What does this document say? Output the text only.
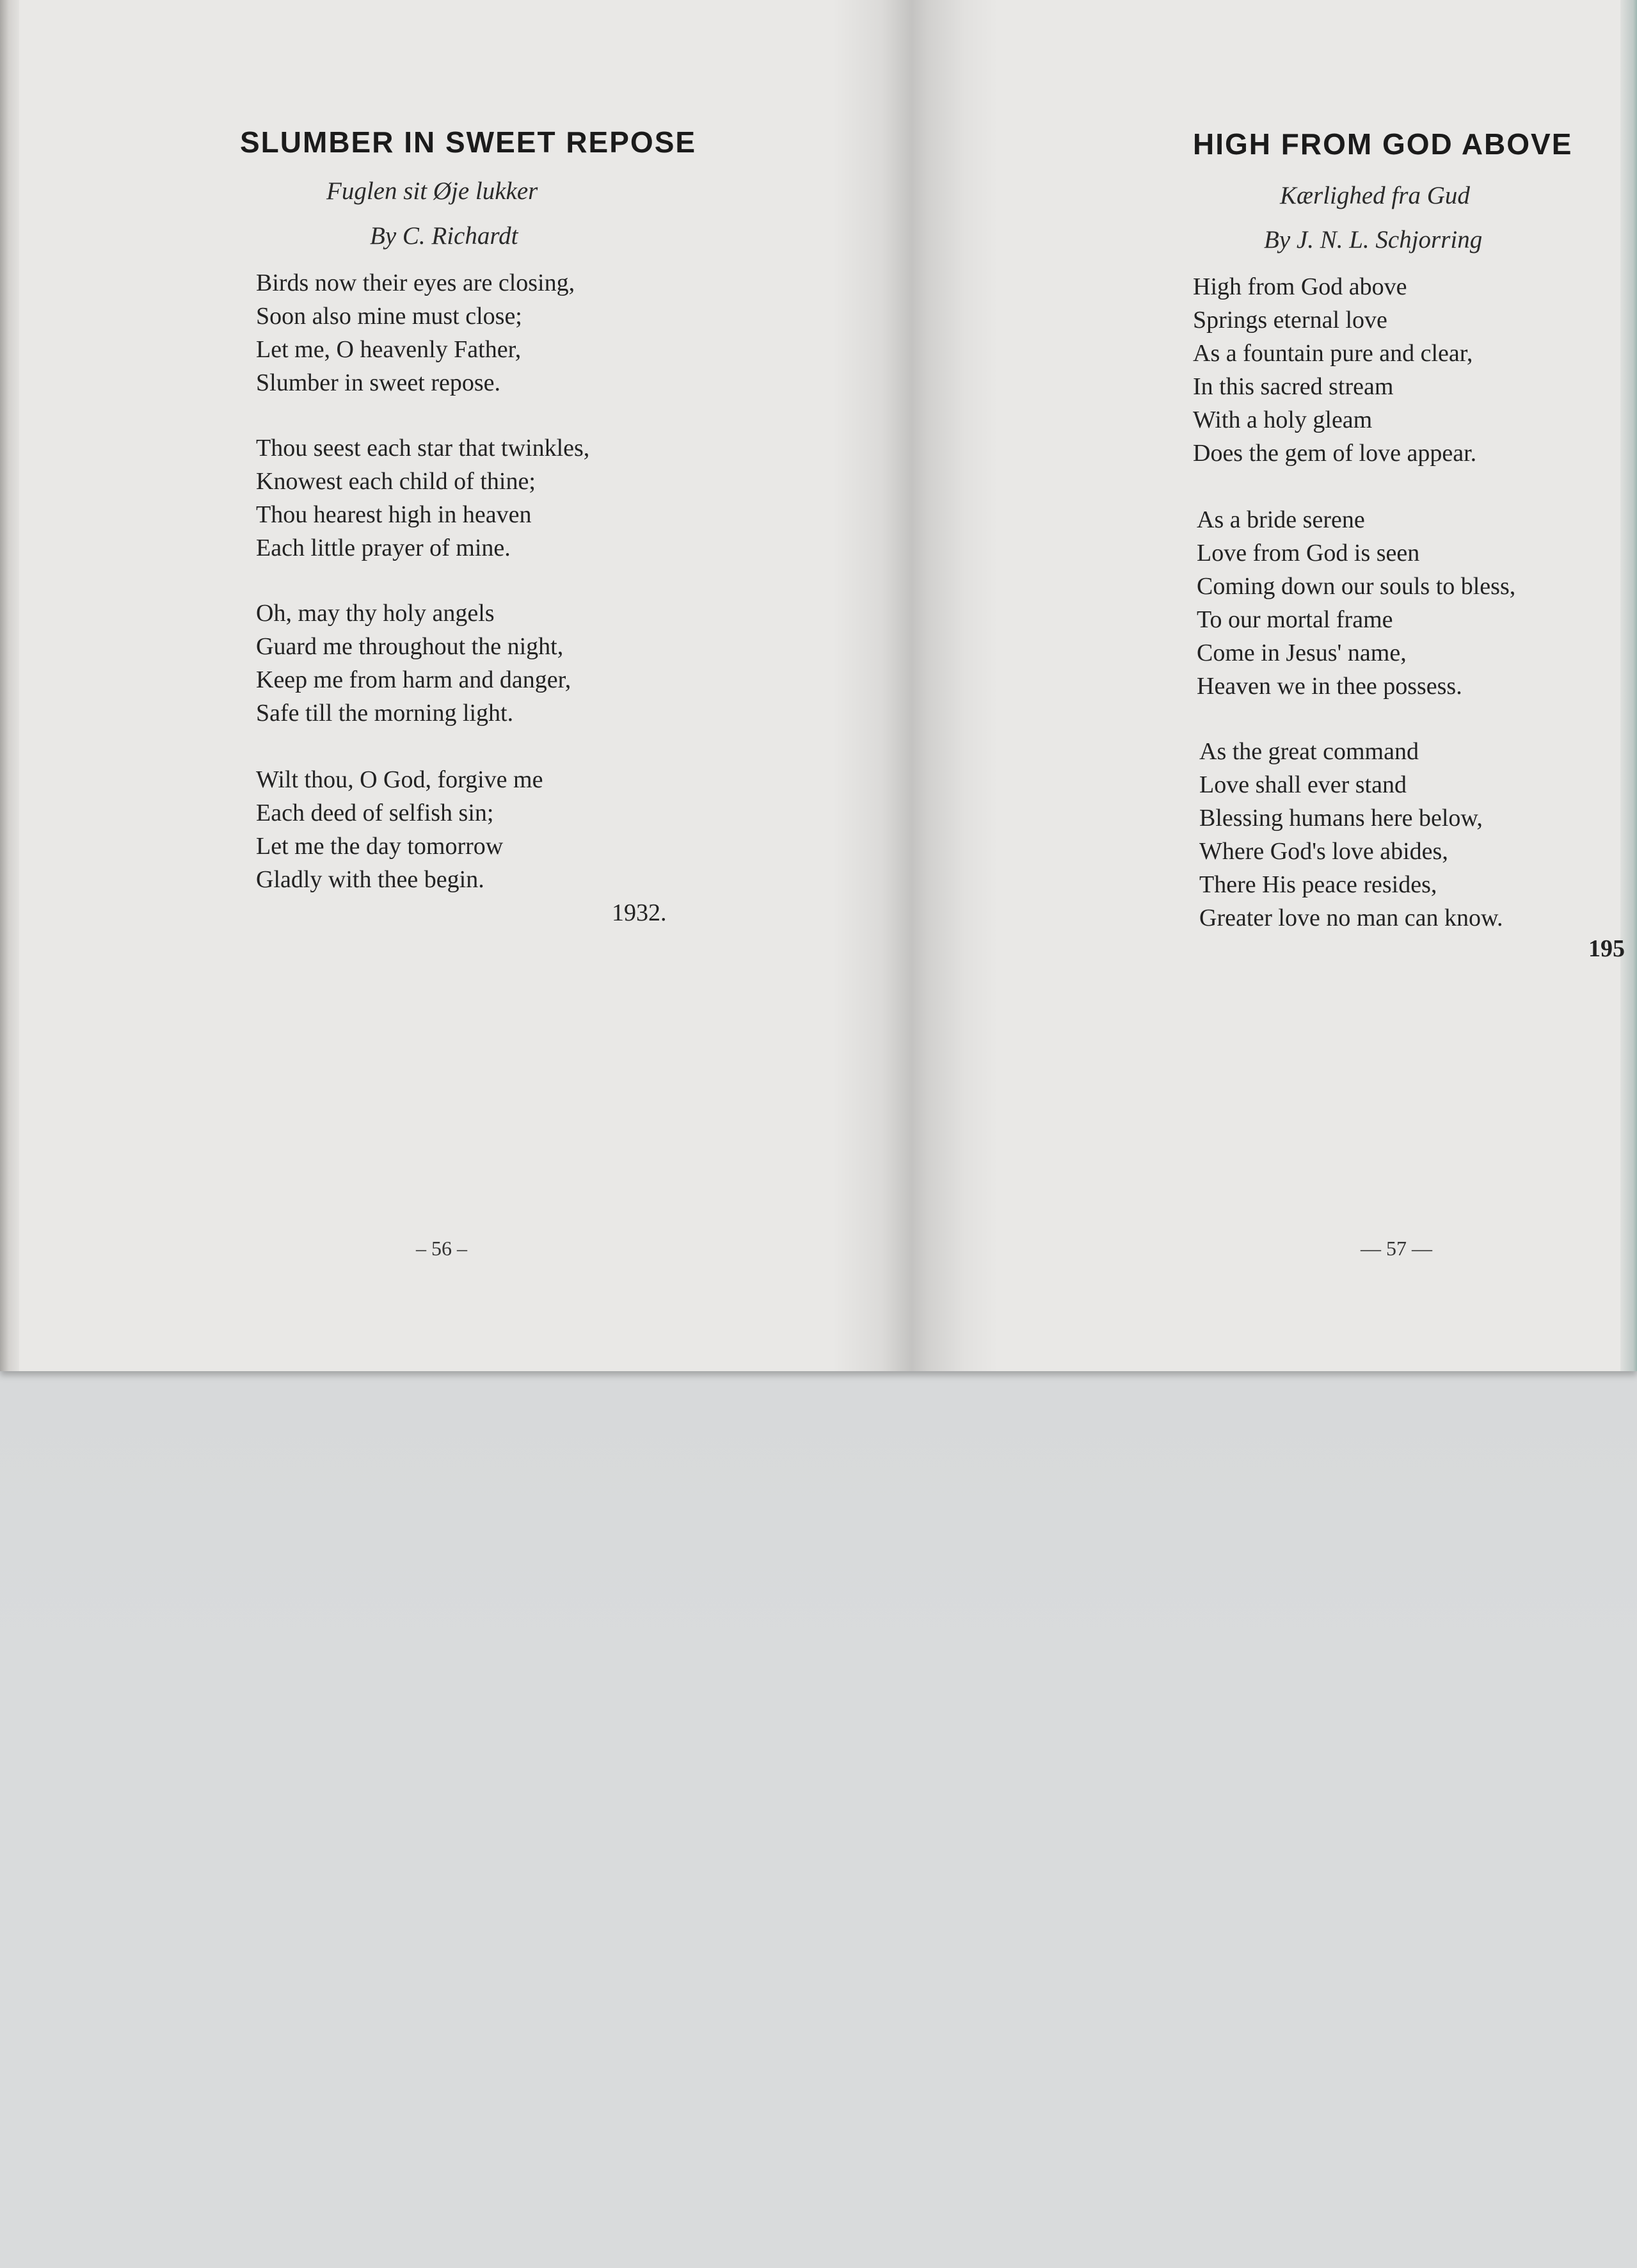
SLUMBER IN SWEET REPOSE
Fuglen sit Øje lukker
By C. Richardt
Birds now their eyes are closing,
Soon also mine must close;
Let me, O heavenly Father,
Slumber in sweet repose.
Thou seest each star that twinkles,
Knowest each child of thine;
Thou hearest high in heaven
Each little prayer of mine.
Oh, may thy holy angels
Guard me throughout the night,
Keep me from harm and danger,
Safe till the morning light.
Wilt thou, O God, forgive me
Each deed of selfish sin;
Let me the day tomorrow
Gladly with thee begin.
1932.
– 56 –
HIGH FROM GOD ABOVE
Kærlighed fra Gud
By J. N. L. Schjorring
High from God above
Springs eternal love
As a fountain pure and clear,
In this sacred stream
With a holy gleam
Does the gem of love appear.
As a bride serene
Love from God is seen
Coming down our souls to bless,
To our mortal frame
Come in Jesus' name,
Heaven we in thee possess.
As the great command
Love shall ever stand
Blessing humans here below,
Where God's love abides,
There His peace resides,
Greater love no man can know.
195
— 57 —
